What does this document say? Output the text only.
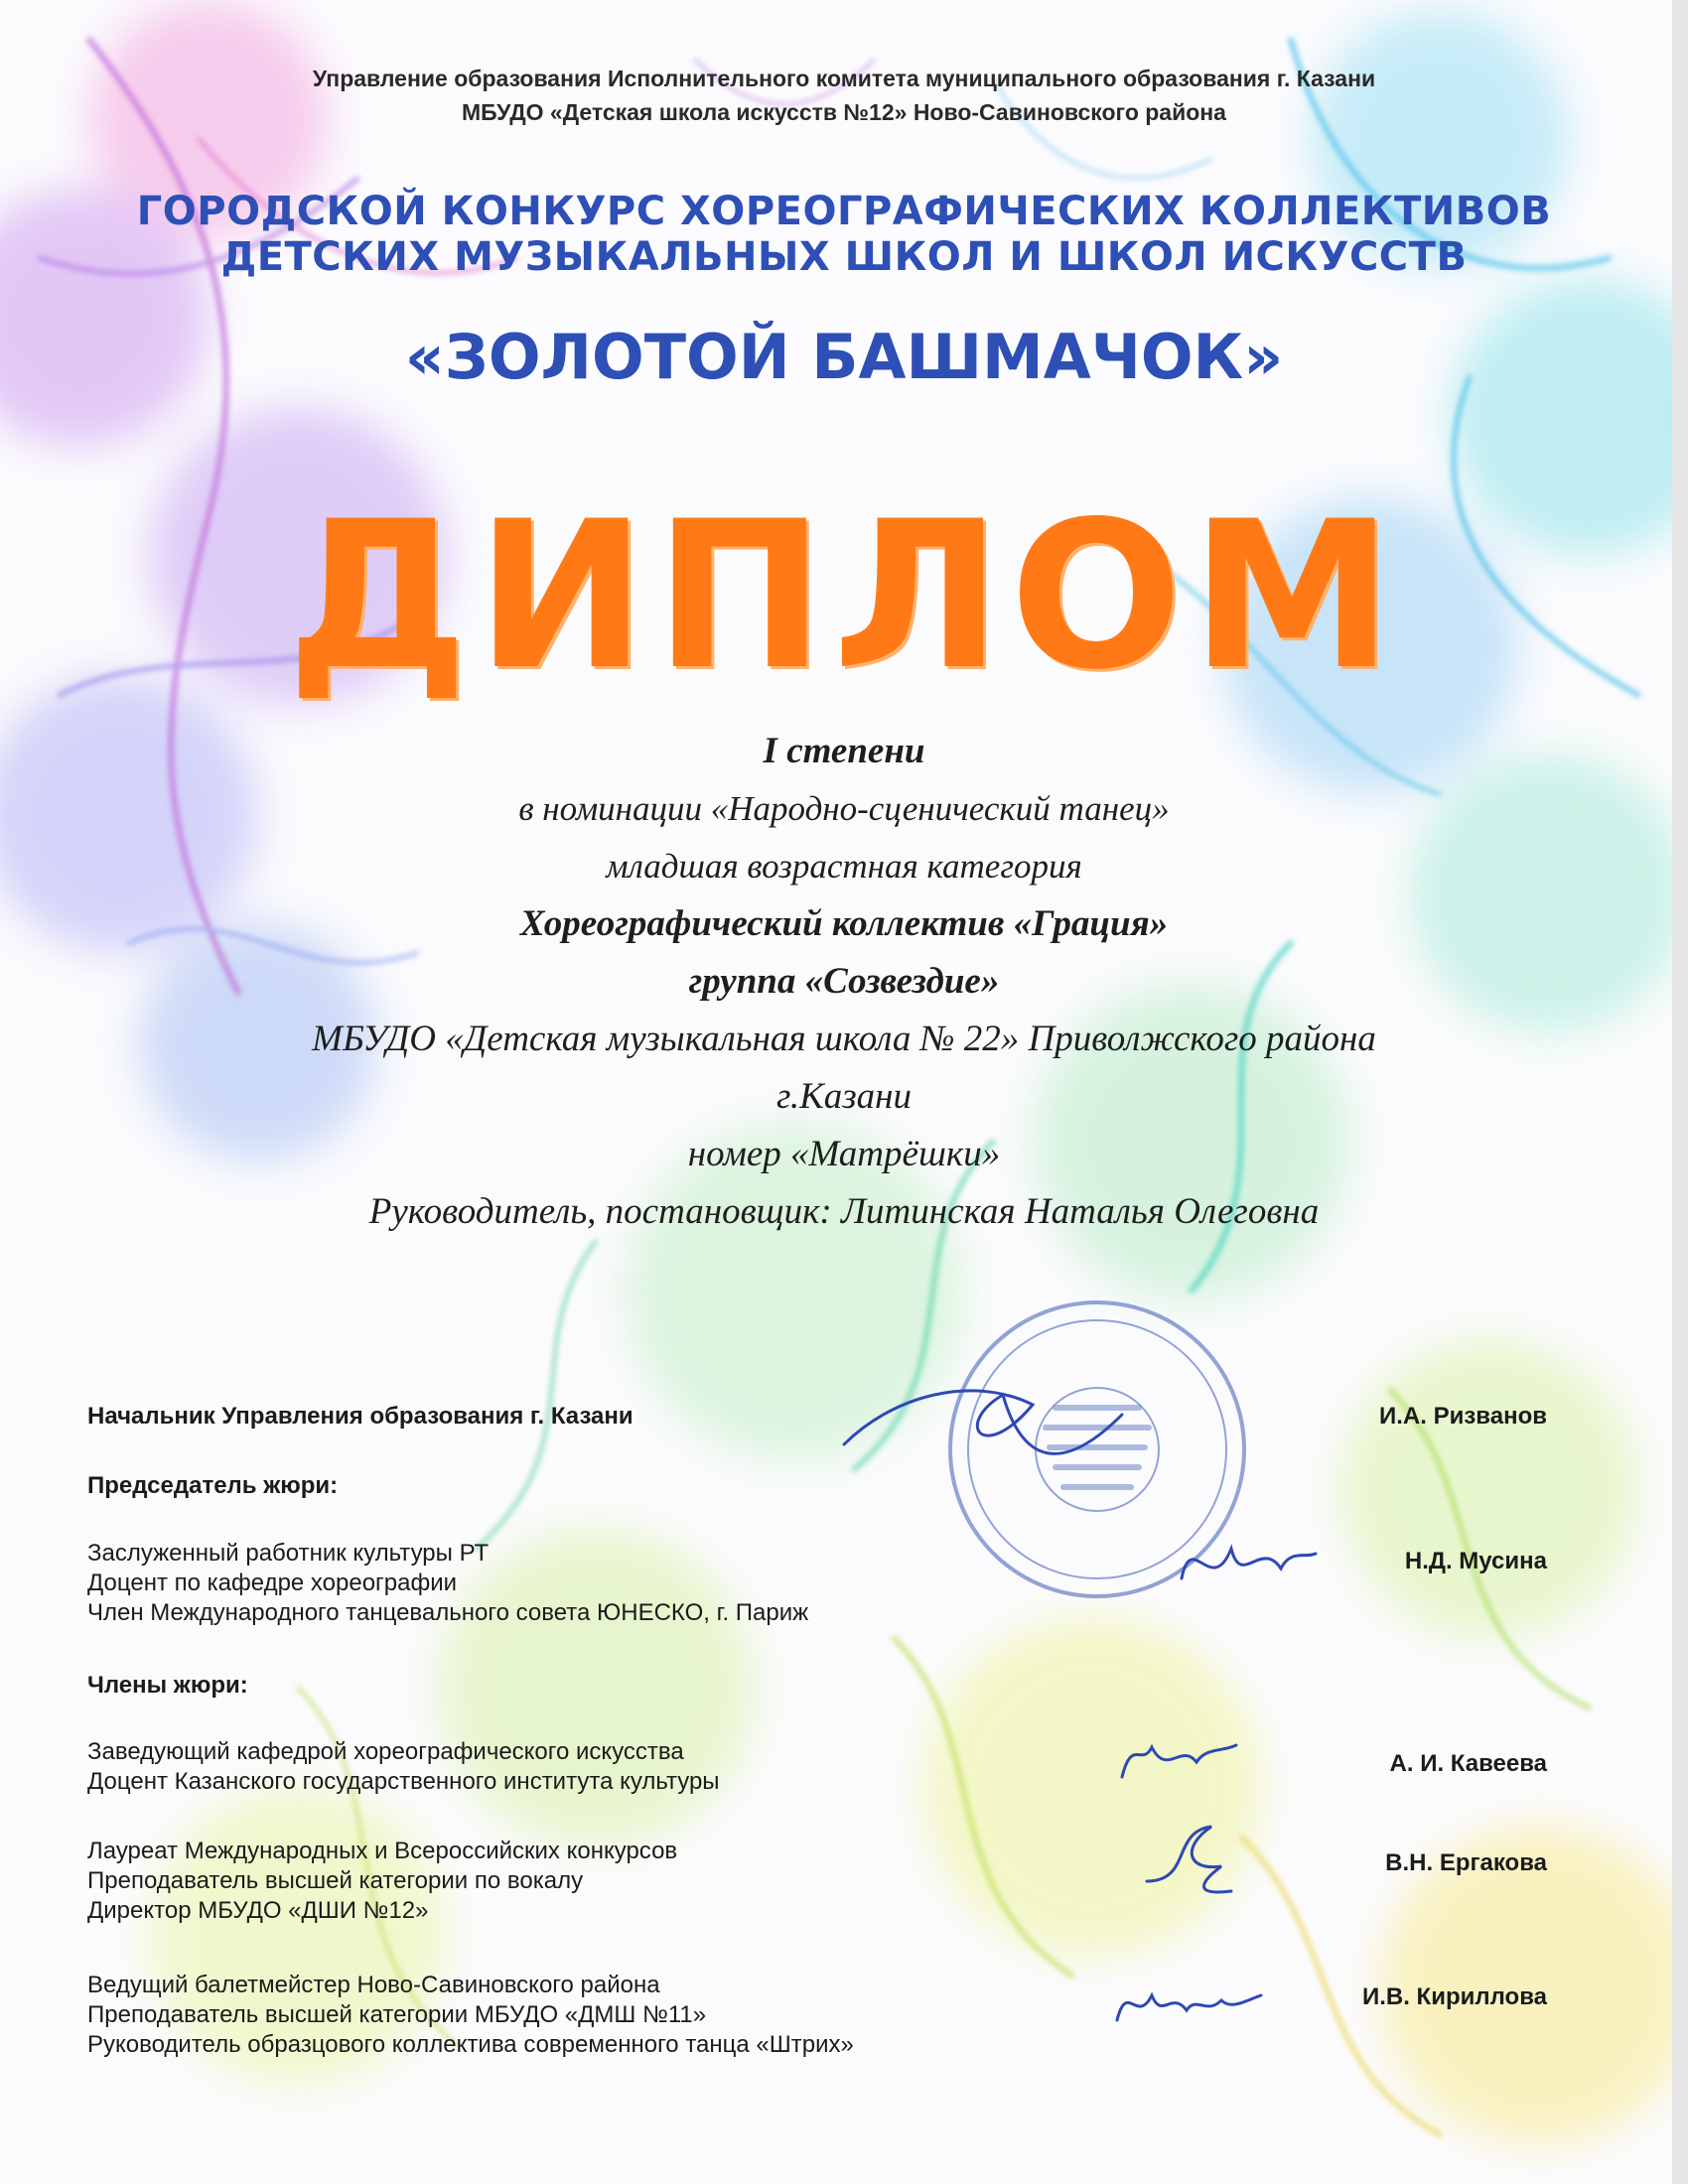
Управление образования Исполнительного комитета муниципального образования г. Казани
МБУДО «Детская школа искусств №12» Ново-Савиновского района
ГОРОДСКОЙ КОНКУРС ХОРЕОГРАФИЧЕСКИХ КОЛЛЕКТИВОВ
ДЕТСКИХ МУЗЫКАЛЬНЫХ ШКОЛ И ШКОЛ ИСКУССТВ
«ЗОЛОТОЙ БАШМАЧОК»
ДИПЛОМ
I степени
в номинации «Народно-сценический танец»
младшая возрастная категория
Хореографический коллектив «Грация»
группа «Созвездие»
МБУДО «Детская музыкальная школа № 22» Приволжского района
г.Казани
номер «Матрёшки»
Руководитель, постановщик: Литинская Наталья Олеговна
Начальник Управления образования г. Казани	И.А. Ризванов
Председатель жюри:
Заслуженный работник культуры РТ
Доцент по кафедре хореографии
Член Международного танцевального совета ЮНЕСКО, г. Париж
Н.Д. Мусина
Члены жюри:
Заведующий кафедрой хореографического искусства
Доцент Казанского государственного института культуры
А. И. Кавеева
Лауреат Международных и Всероссийских конкурсов
Преподаватель высшей категории по вокалу
Директор МБУДО «ДШИ №12»
В.Н. Ергакова
Ведущий балетмейстер Ново-Савиновского района
Преподаватель высшей категории МБУДО «ДМШ №11»
Руководитель образцового коллектива современного танца «Штрих»
И.В. Кириллова
